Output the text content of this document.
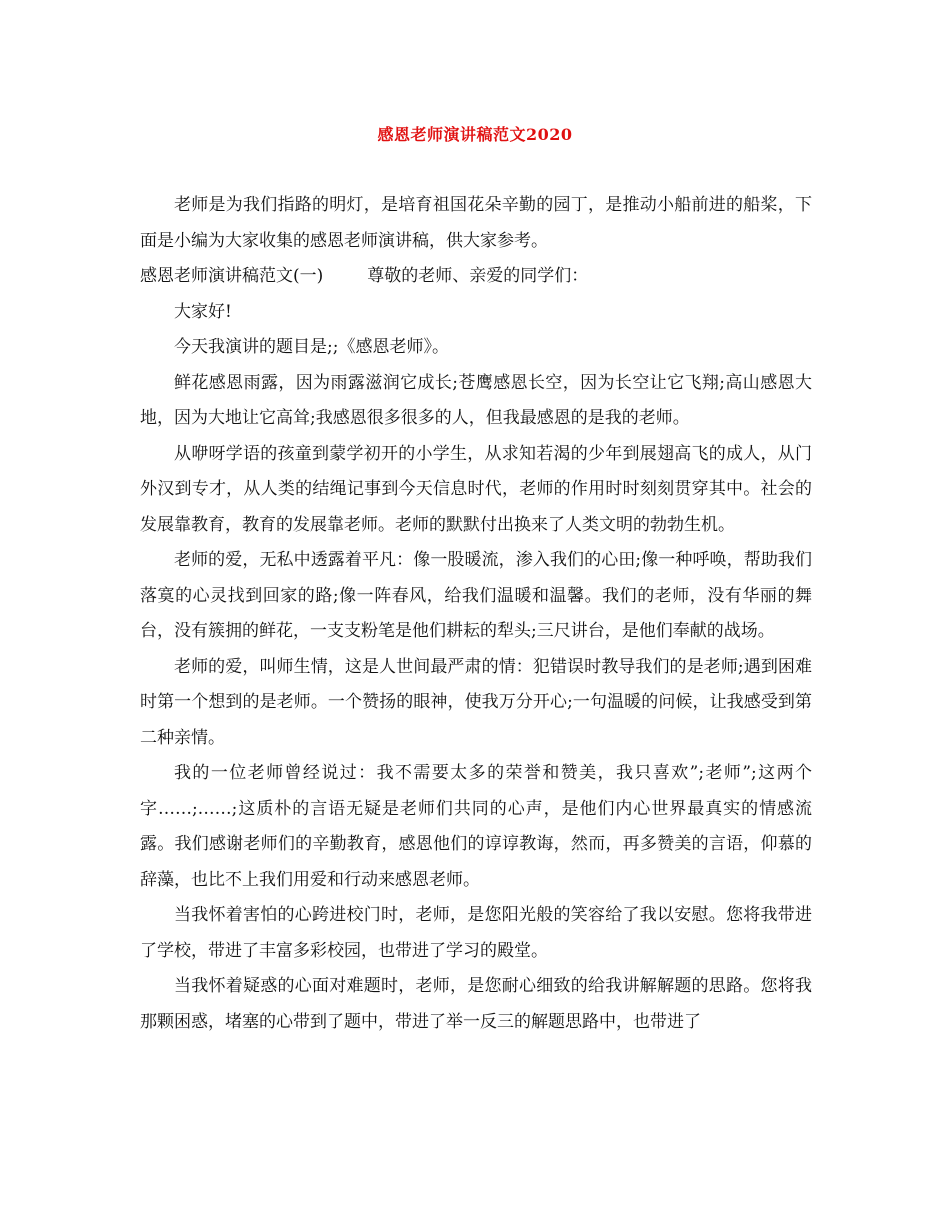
感恩老师演讲稿范文2020

老师是为我们指路的明灯，是培育祖国花朵辛勤的园丁，是推动小船前进的船桨，下面是小编为大家收集的感恩老师演讲稿，供大家参考。

感恩老师演讲稿范文(一)	尊敬的老师、亲爱的同学们：

大家好!

今天我演讲的题目是;;《感恩老师》。

鲜花感恩雨露，因为雨露滋润它成长;苍鹰感恩长空，因为长空让它飞翔;高山感恩大地，因为大地让它高耸;我感恩很多很多的人，但我最感恩的是我的老师。

从咿呀学语的孩童到蒙学初开的小学生，从求知若渴的少年到展翅高飞的成人，从门外汉到专才，从人类的结绳记事到今天信息时代，老师的作用时时刻刻贯穿其中。社会的发展靠教育，教育的发展靠老师。老师的默默付出换来了人类文明的勃勃生机。

老师的爱，无私中透露着平凡：像一股暖流，渗入我们的心田;像一种呼唤，帮助我们落寞的心灵找到回家的路;像一阵春风，给我们温暖和温馨。我们的老师，没有华丽的舞台，没有簇拥的鲜花，一支支粉笔是他们耕耘的犁头;三尺讲台，是他们奉献的战场。

老师的爱，叫师生情，这是人世间最严肃的情：犯错误时教导我们的是老师;遇到困难时第一个想到的是老师。一个赞扬的眼神，使我万分开心;一句温暖的问候，让我感受到第二种亲情。

我的一位老师曾经说过：我不需要太多的荣誉和赞美，我只喜欢”;老师”;这两个字……;……;这质朴的言语无疑是老师们共同的心声，是他们内心世界最真实的情感流露。我们感谢老师们的辛勤教育，感恩他们的谆谆教诲，然而，再多赞美的言语，仰慕的辞藻，也比不上我们用爱和行动来感恩老师。

当我怀着害怕的心跨进校门时，老师，是您阳光般的笑容给了我以安慰。您将我带进了学校，带进了丰富多彩校园，也带进了学习的殿堂。

当我怀着疑惑的心面对难题时，老师，是您耐心细致的给我讲解解题的思路。您将我那颗困惑，堵塞的心带到了题中，带进了举一反三的解题思路中，也带进了
